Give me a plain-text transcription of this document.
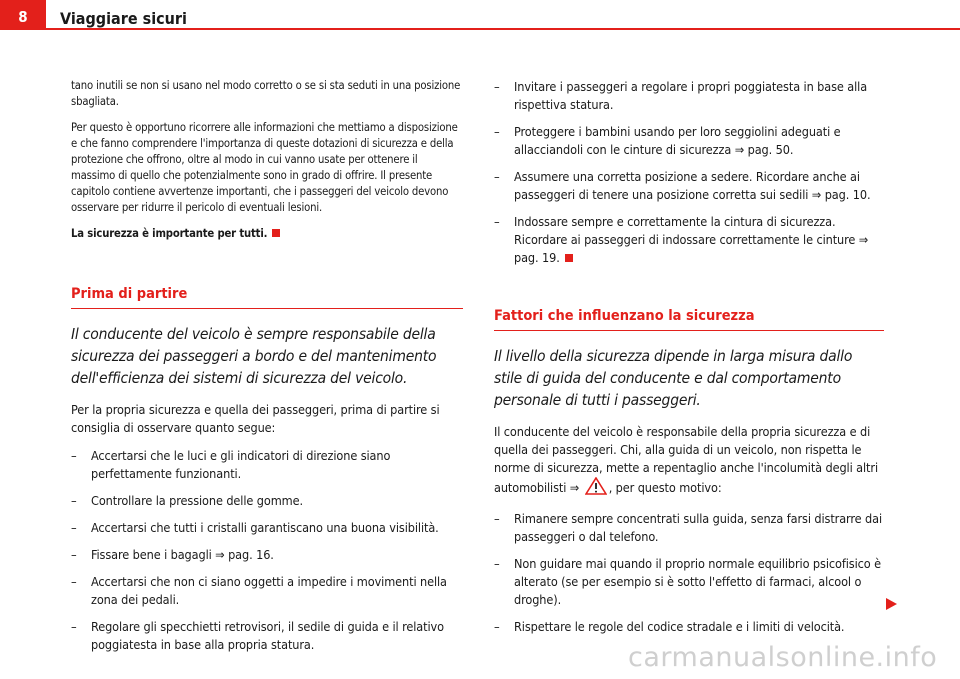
8	Viaggiare sicuri

tano inutili se non si usano nel modo corretto o se si sta seduti in una posizione sbagliata.

Per questo è opportuno ricorrere alle informazioni che mettiamo a disposizione e che fanno comprendere l'importanza di queste dotazioni di sicurezza e della protezione che offrono, oltre al modo in cui vanno usate per ottenere il massimo di quello che potenzialmente sono in grado di offrire. Il presente capitolo contiene avvertenze importanti, che i passeggeri del veicolo devono osservare per ridurre il pericolo di eventuali lesioni.

La sicurezza è importante per tutti.

Prima di partire

Il conducente del veicolo è sempre responsabile della sicurezza dei passeggeri a bordo e del mantenimento dell'efficienza dei sistemi di sicurezza del veicolo.

Per la propria sicurezza e quella dei passeggeri, prima di partire si consiglia di osservare quanto segue:

– Accertarsi che le luci e gli indicatori di direzione siano perfettamente funzionanti.
– Controllare la pressione delle gomme.
– Accertarsi che tutti i cristalli garantiscano una buona visibilità.
– Fissare bene i bagagli ⇒ pag. 16.
– Accertarsi che non ci siano oggetti a impedire i movimenti nella zona dei pedali.
– Regolare gli specchietti retrovisori, il sedile di guida e il relativo poggiatesta in base alla propria statura.
– Invitare i passeggeri a regolare i propri poggiatesta in base alla rispettiva statura.
– Proteggere i bambini usando per loro seggiolini adeguati e allacciandoli con le cinture di sicurezza ⇒ pag. 50.
– Assumere una corretta posizione a sedere. Ricordare anche ai passeggeri di tenere una posizione corretta sui sedili ⇒ pag. 10.
– Indossare sempre e correttamente la cintura di sicurezza. Ricordare ai passeggeri di indossare correttamente le cinture ⇒ pag. 19.
Fattori che influenzano la sicurezza

Il livello della sicurezza dipende in larga misura dallo stile di guida del conducente e dal comportamento personale di tutti i passeggeri.

Il conducente del veicolo è responsabile della propria sicurezza e di quella dei passeggeri. Chi, alla guida di un veicolo, non rispetta le norme di sicurezza, mette a repentaglio anche l'incolumità degli altri automobilisti ⇒ , per questo motivo:

– Rimanere sempre concentrati sulla guida, senza farsi distrarre dai passeggeri o dal telefono.
– Non guidare mai quando il proprio normale equilibrio psicofisico è alterato (se per esempio si è sotto l'effetto di farmaci, alcool o droghe).
– Rispettare le regole del codice stradale e i limiti di velocità.
carmanualsonline.info
